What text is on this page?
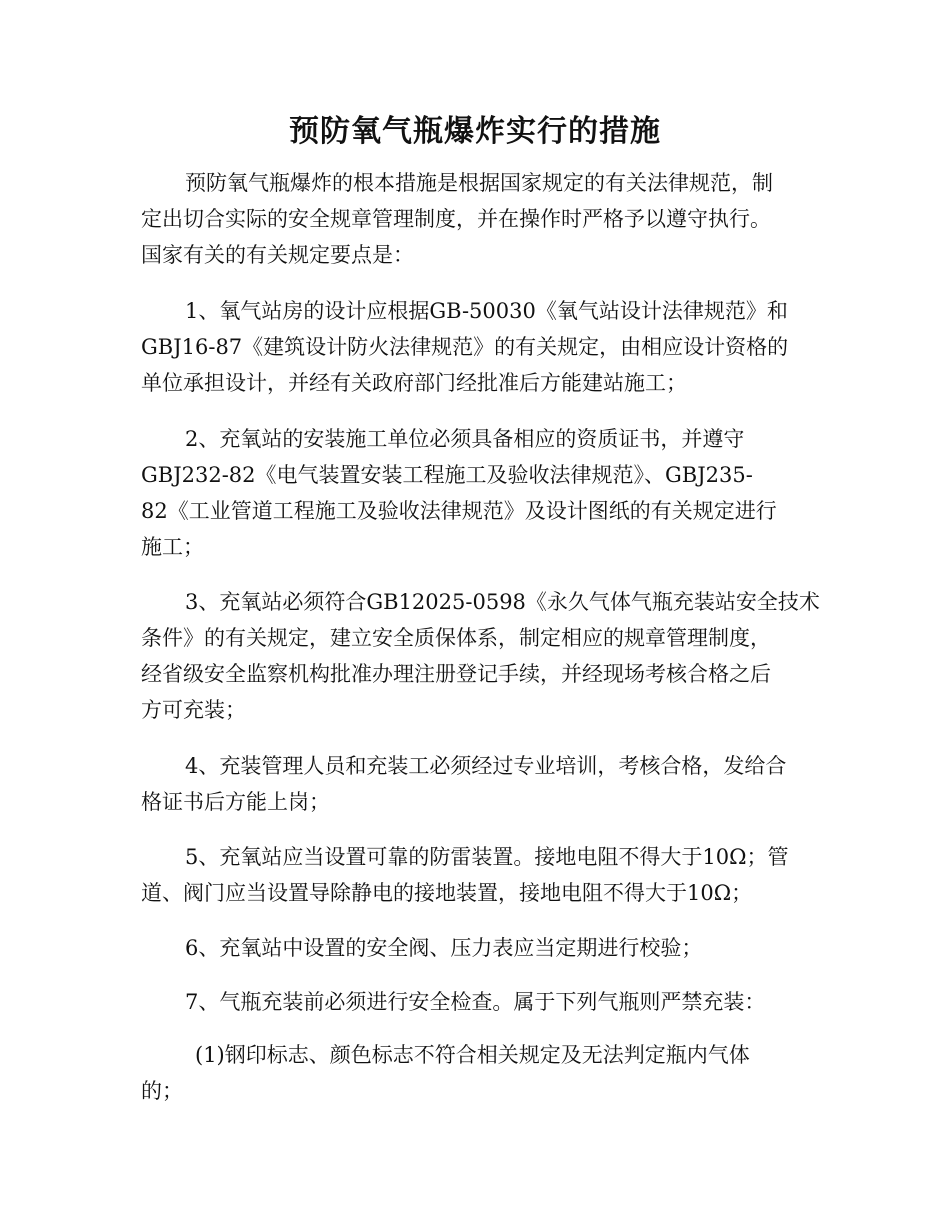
预防氧气瓶爆炸实行的措施
预防氧气瓶爆炸的根本措施是根据国家规定的有关法律规范，制
定出切合实际的安全规章管理制度，并在操作时严格予以遵守执行。
国家有关的有关规定要点是：
1、氧气站房的设计应根据GB-50030《氧气站设计法律规范》和
GBJ16-87《建筑设计防火法律规范》的有关规定，由相应设计资格的
单位承担设计，并经有关政府部门经批准后方能建站施工；
2、充氧站的安装施工单位必须具备相应的资质证书，并遵守
GBJ232-82《电气装置安装工程施工及验收法律规范》、GBJ235-
82《工业管道工程施工及验收法律规范》及设计图纸的有关规定进行
施工；
3、充氧站必须符合GB12025-0598《永久气体气瓶充装站安全技术
条件》的有关规定，建立安全质保体系，制定相应的规章管理制度，
经省级安全监察机构批准办理注册登记手续，并经现场考核合格之后
方可充装；
4、充装管理人员和充装工必须经过专业培训，考核合格，发给合
格证书后方能上岗；
5、充氧站应当设置可靠的防雷装置。接地电阻不得大于10Ω；管
道、阀门应当设置导除静电的接地装置，接地电阻不得大于10Ω；
6、充氧站中设置的安全阀、压力表应当定期进行校验；
7、气瓶充装前必须进行安全检查。属于下列气瓶则严禁充装：
(1)钢印标志、颜色标志不符合相关规定及无法判定瓶内气体
的；
